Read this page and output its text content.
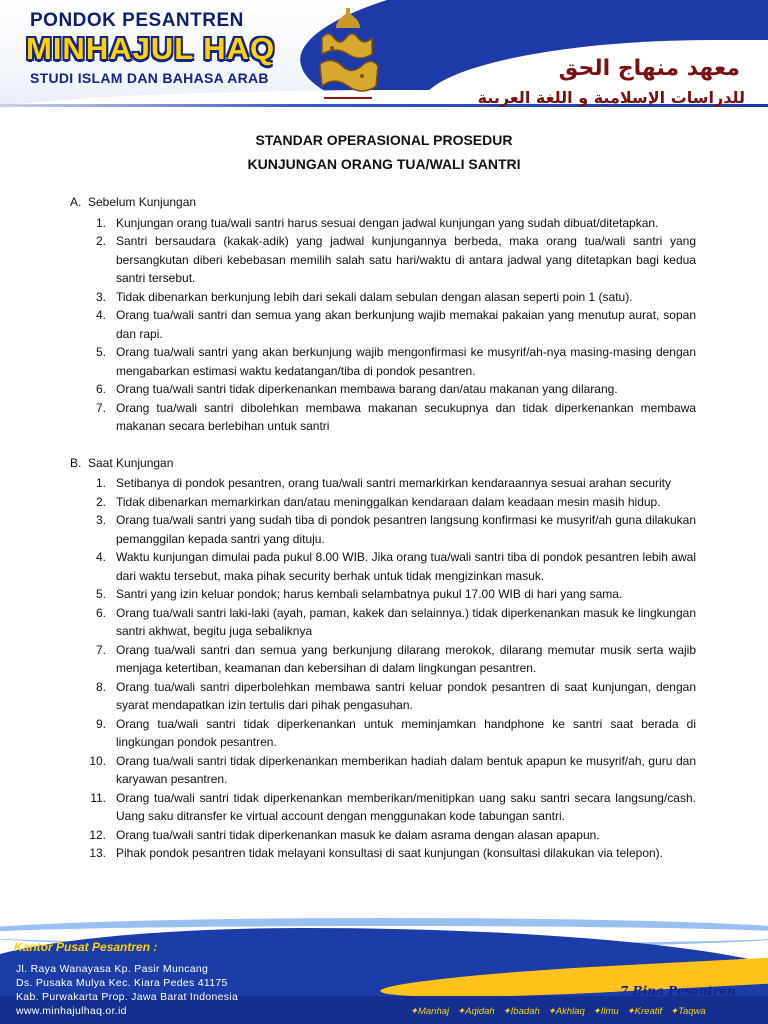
PONDOK PESANTREN
MINHAJUL HAQ
STUDI ISLAM DAN BAHASA ARAB	معهد منهاج الحق
للدراسات الإسلامية و اللغة العربية
STANDAR OPERASIONAL PROSEDUR
KUNJUNGAN ORANG TUA/WALI SANTRI
A. Sebelum Kunjungan
1. Kunjungan orang tua/wali santri harus sesuai dengan jadwal kunjungan yang sudah dibuat/ditetapkan.
2. Santri bersaudara (kakak-adik) yang jadwal kunjungannya berbeda, maka orang tua/wali santri yang bersangkutan diberi kebebasan memilih salah satu hari/waktu di antara jadwal yang ditetapkan bagi kedua santri tersebut.
3. Tidak dibenarkan berkunjung lebih dari sekali dalam sebulan dengan alasan seperti poin 1 (satu).
4. Orang tua/wali santri dan semua yang akan berkunjung wajib memakai pakaian yang menutup aurat, sopan dan rapi.
5. Orang tua/wali santri yang akan berkunjung wajib mengonfirmasi ke musyrif/ah-nya masing-masing dengan mengabarkan estimasi waktu kedatangan/tiba di pondok pesantren.
6. Orang tua/wali santri tidak diperkenankan membawa barang dan/atau makanan yang dilarang.
7. Orang tua/wali santri dibolehkan membawa makanan secukupnya dan tidak diperkenankan membawa makanan secara berlebihan untuk santri
B. Saat Kunjungan
1. Setibanya di pondok pesantren, orang tua/wali santri memarkirkan kendaraannya sesuai arahan security
2. Tidak dibenarkan memarkirkan dan/atau meninggalkan kendaraan dalam keadaan mesin masih hidup.
3. Orang tua/wali santri yang sudah tiba di pondok pesantren langsung konfirmasi ke musyrif/ah guna dilakukan pemanggilan kepada santri yang dituju.
4. Waktu kunjungan dimulai pada pukul 8.00 WIB. Jika orang tua/wali santri tiba di pondok pesantren lebih awal dari waktu tersebut, maka pihak security berhak untuk tidak mengizinkan masuk.
5. Santri yang izin keluar pondok; harus kembali selambatnya pukul 17.00 WIB di hari yang sama.
6. Orang tua/wali santri laki-laki (ayah, paman, kakek dan selainnya.) tidak diperkenankan masuk ke lingkungan santri akhwat, begitu juga sebaliknya
7. Orang tua/wali santri dan semua yang berkunjung dilarang merokok, dilarang memutar musik serta wajib menjaga ketertiban, keamanan dan kebersihan di dalam lingkungan pesantren.
8. Orang tua/wali santri diperbolehkan membawa santri keluar pondok pesantren di saat kunjungan, dengan syarat mendapatkan izin tertulis dari pihak pengasuhan.
9. Orang tua/wali santri tidak diperkenankan untuk meminjamkan handphone ke santri saat berada di lingkungan pondok pesantren.
10. Orang tua/wali santri tidak diperkenankan memberikan hadiah dalam bentuk apapun ke musyrif/ah, guru dan karyawan pesantren.
11. Orang tua/wali santri tidak diperkenankan memberikan/menitipkan uang saku santri secara langsung/cash. Uang saku ditransfer ke virtual account dengan menggunakan kode tabungan santri.
12. Orang tua/wali santri tidak diperkenankan masuk ke dalam asrama dengan alasan apapun.
13. Pihak pondok pesantren tidak melayani konsultasi di saat kunjungan (konsultasi dilakukan via telepon).
Kantor Pusat Pesantren :
Jl. Raya Wanayasa Kp. Pasir Muncang
Ds. Pusaka Mulya Kec. Kiara Pedes 41175
Kab. Purwakarta Prop. Jawa Barat Indonesia
www.minhajulhaq.or.id
7 Bina Pesantren
✦ Manhaj	✦ Aqidah	✦ Ibadah	✦ Akhlaq	✦ Ilmu	✦ Kreatif	✦ Taqwa
